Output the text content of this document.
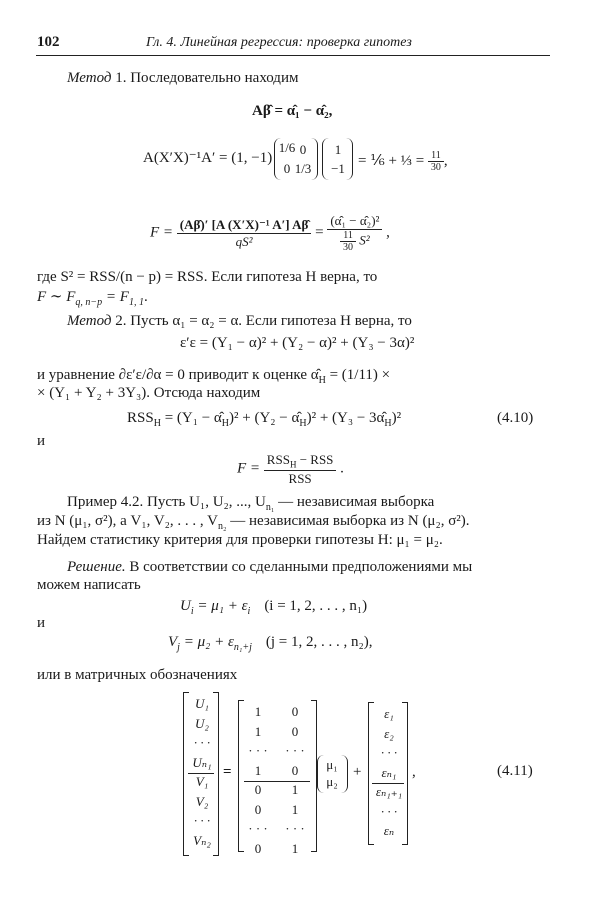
102	Гл. 4. Линейная регрессия: проверка гипотез
Метод 1. Последовательно находим
Aβ̂ = α̂₁ − α̂₂,
A(X′X)⁻¹A′ = (1, −1)
1/6 0
0 1/3
1
−1 = ⅙ + ⅓ = $\frac{11}{30}$ ,
$F = \frac{\text{(Aβ̂)′ [A (X′X)⁻¹ A′] Aβ̂}}{\text{qS²}} = \frac{\text{(α̂₁ − α̂₂)²}}{\frac{11}{30} S^2}$ ,
где S² = RSS/(n − p) = RSS. Если гипотеза H верна, то
F ∼ $F_{q, n-p} = F_{1, 1}$.
Метод 2. Пусть α₁ = α₂ = α. Если гипотеза H верна, то
ε′ε = (Y₁ − α)² + (Y₂ − α)² + (Y₃ − 3α)²
и уравнение ∂ε′ε/∂α = 0 приводит к оценке $\alphâ_H = (1/11)$ ×
× (Y₁ + Y₂ + 3Y₃). Отсюда находим
$RSS_H = (Y_1$ − $\alphâ_H)^2 + (Y_2$ − $\alphâ_H)^2 + (Y_3$ − $3\alphâ_H)^2$	(4.10)
и
$F = \frac{RSS_H - RSS}{\text{RSS}}$ .
Пример 4.2. Пусть U₁, U₂, ..., $U_{n_1}$ — независимая выборка
из N (μ₁, σ²), а V₁, V₂, . . . , $V_{n_2}$ — независимая выборка из N (μ₂, σ²).
Найдем статистику критерия для проверки гипотезы H: μ₁ = μ₂.
Решение. В соответствии со сделанными предположениями мы
можем написать
$U_i = \mu_1 + \varepsilon_i$ (i = 1, 2, . . . , n₁)
и
$V_j = \mu_2 + \varepsilon_{n_1+j}$ (j = 1, 2, . . . , n₂),
или в матричных обозначениях
U₁
U₂
· · ·
Uₙ₁
V₁
V₂
· · ·
Vₙ₂
=
1	0
1	0
· · · · · ·
1	0
0	1
0	1
· · · · · ·
0	1
μ₁
μ₂
+
ε₁
ε₂
· · ·
εₙ₁
εₙ₁₊₁
· · ·
εₙ
,	(4.11)
